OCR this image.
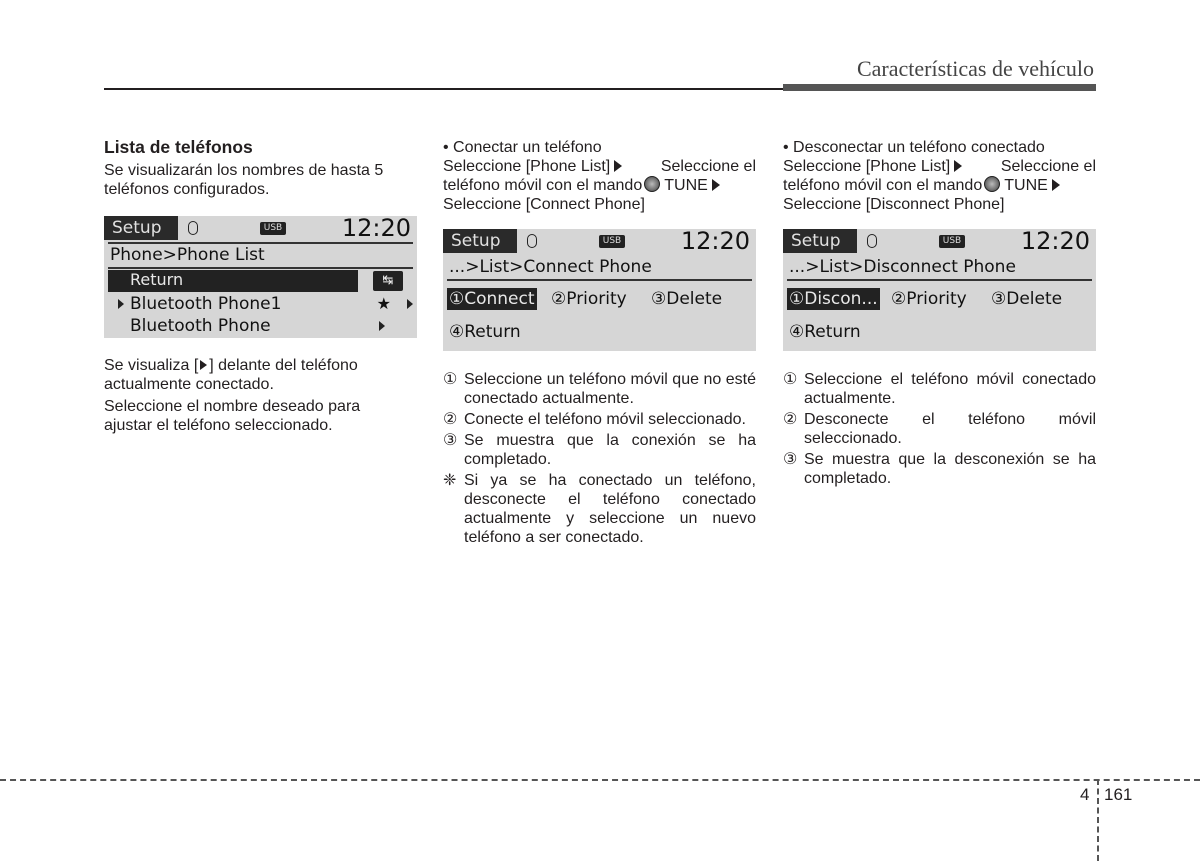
Características de vehículo
Lista de teléfonos
Se visualizarán los nombres de hasta 5
teléfonos configurados.
Setup	USB 12:20
Phone>Phone List
Return	↹
Bluetooth Phone1	★
Bluetooth Phone
Se visualiza [ ] delante del teléfono
actualmente conectado.
Seleccione el nombre deseado para
ajustar el teléfono seleccionado.
• Conectar un teléfono
Seleccione [Phone List]	Seleccione el
teléfono móvil con el mando TUNE
Seleccione [Connect Phone]
Setup	USB 12:20
...>List>Connect Phone
①Connect ②Priority ③Delete
④Return
① Seleccione un teléfono móvil que no esté conectado actualmente.
② Conecte el teléfono móvil seleccionado.
③ Se muestra que la conexión se ha completado.
❈ Si ya se ha conectado un teléfono, desconecte el teléfono conectado actualmente y seleccione un nuevo teléfono a ser conectado.
• Desconectar un teléfono conectado
Seleccione [Phone List]	Seleccione el
teléfono móvil con el mando TUNE
Seleccione [Disconnect Phone]
Setup	USB 12:20
...>List>Disconnect Phone
①Discon... ②Priority ③Delete
④Return
① Seleccione el teléfono móvil conectado actualmente.
② Desconecte el teléfono móvil seleccionado.
③ Se muestra que la desconexión se ha completado.
4 161
